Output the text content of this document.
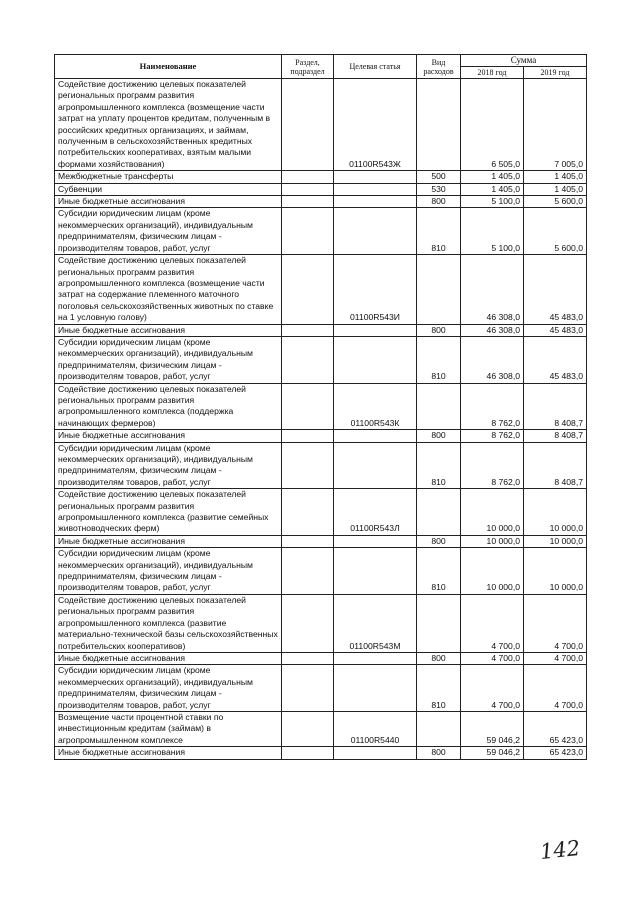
Наименование	Раздел, подраздел	Целевая статья	Вид расходов	Сумма	
				2018 год	2019 год
Содействие достижению целевых показателей региональных программ развития агропромышленного комплекса (возмещение части затрат на уплату процентов кредитам, полученным в российских кредитных организациях, и займам, полученным в сельскохозяйственных кредитных потребительских кооперативах, взятым малыми формами хозяйствования)		01100R543Ж		6 505,0	7 005,0
Межбюджетные трансферты			500	1 405,0	1 405,0
Субвенции			530	1 405,0	1 405,0
Иные бюджетные ассигнования			800	5 100,0	5 600,0
Субсидии юридическим лицам (кроме некоммерческих организаций), индивидуальным предпринимателям, физическим лицам - производителям товаров, работ, услуг			810	5 100,0	5 600,0
Содействие достижению целевых показателей региональных программ развития агропромышленного комплекса (возмещение части затрат на содержание племенного маточного поголовья сельскохозяйственных животных по ставке на 1 условную голову)		01100R543И		46 308,0	45 483,0
Иные бюджетные ассигнования			800	46 308,0	45 483,0
Субсидии юридическим лицам (кроме некоммерческих организаций), индивидуальным предпринимателям, физическим лицам - производителям товаров, работ, услуг			810	46 308,0	45 483,0
Содействие достижению целевых показателей региональных программ развития агропромышленного комплекса (поддержка начинающих фермеров)		01100R543К		8 762,0	8 408,7
Иные бюджетные ассигнования			800	8 762,0	8 408,7
Субсидии юридическим лицам (кроме некоммерческих организаций), индивидуальным предпринимателям, физическим лицам - производителям товаров, работ, услуг			810	8 762,0	8 408,7
Содействие достижению целевых показателей региональных программ развития агропромышленного комплекса (развитие семейных животноводческих ферм)		01100R543Л		10 000,0	10 000,0
Иные бюджетные ассигнования			800	10 000,0	10 000,0
Субсидии юридическим лицам (кроме некоммерческих организаций), индивидуальным предпринимателям, физическим лицам - производителям товаров, работ, услуг			810	10 000,0	10 000,0
Содействие достижению целевых показателей региональных программ развития агропромышленного комплекса (развитие материально-технической базы сельскохозяйственных потребительских кооперативов)		01100R543М		4 700,0	4 700,0
Иные бюджетные ассигнования			800	4 700,0	4 700,0
Субсидии юридическим лицам (кроме некоммерческих организаций), индивидуальным предпринимателям, физическим лицам - производителям товаров, работ, услуг			810	4 700,0	4 700,0
Возмещение части процентной ставки по инвестиционным кредитам (займам) в агропромышленном комплексе		01100R5440		59 046,2	65 423,0
Иные бюджетные ассигнования			800	59 046,2	65 423,0
142
